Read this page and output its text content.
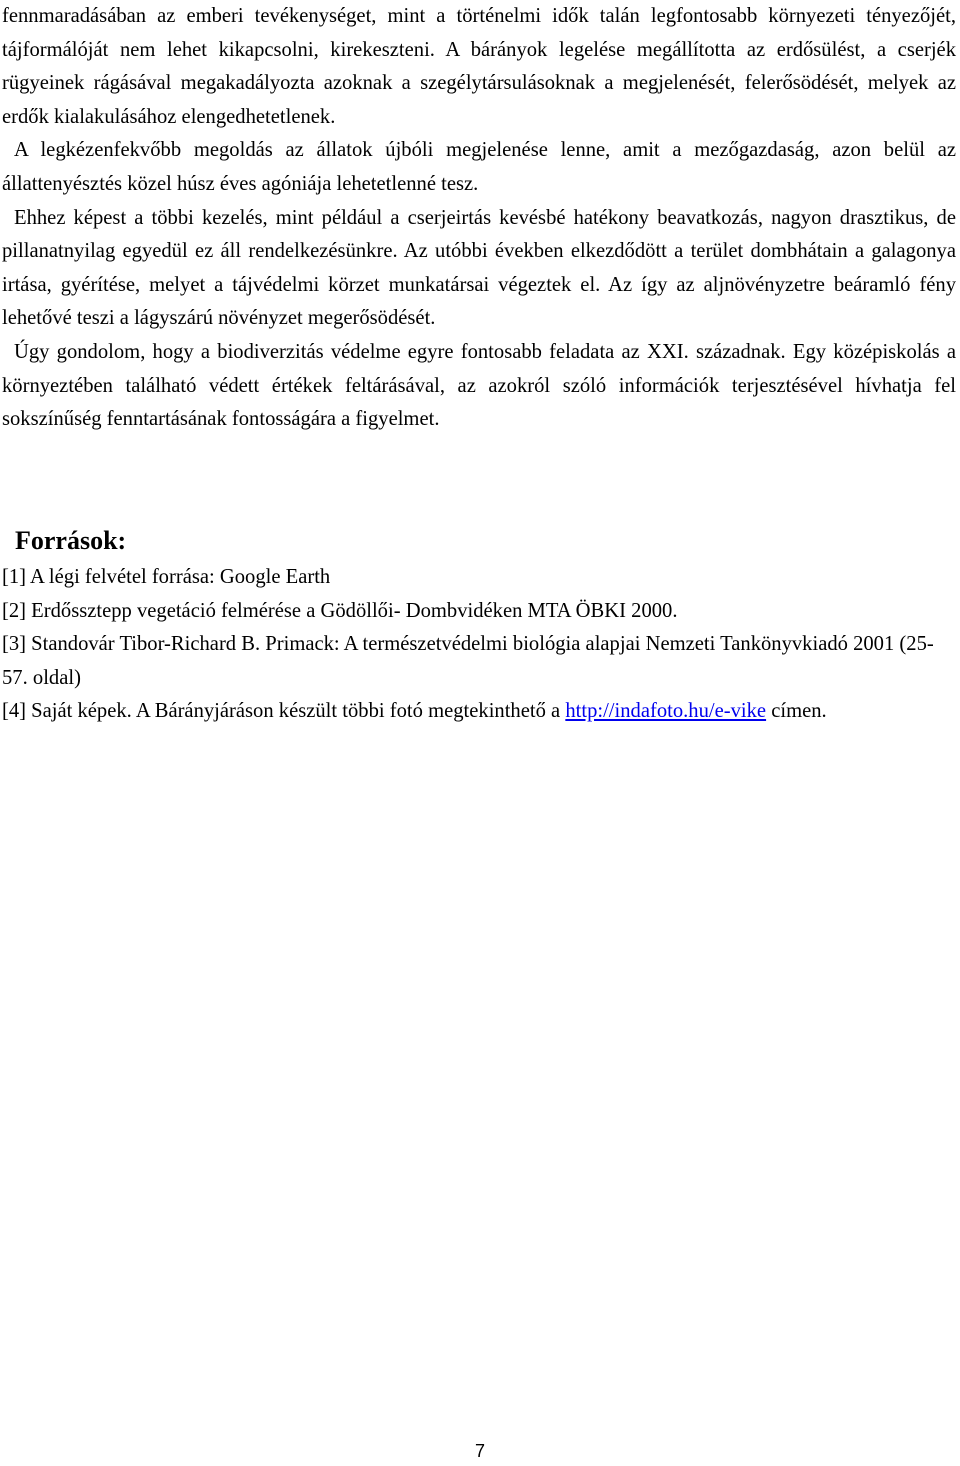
fennmaradásában az emberi tevékenységet, mint a történelmi idők talán legfontosabb környezeti tényezőjét, tájformálóját nem lehet kikapcsolni, kirekeszteni. A bárányok legelése megállította az erdősülést, a cserjék rügyeinek rágásával megakadályozta azoknak a szegélytársulásoknak a megjelenését, felerősödését, melyek az erdők kialakulásához elengedhetetlenek.

A legkézenfekvőbb megoldás az állatok újbóli megjelenése lenne, amit a mezőgazdaság, azon belül az állattenyésztés közel húsz éves agóniája lehetetlenné tesz.

Ehhez képest a többi kezelés, mint például a cserjeirtás kevésbé hatékony beavatkozás, nagyon drasztikus, de pillanatnyilag egyedül ez áll rendelkezésünkre. Az utóbbi években elkezdődött a terület dombhátain a galagonya irtása, gyérítése, melyet a tájvédelmi körzet munkatársai végeztek el. Az így az aljnövényzetre beáramló fény lehetővé teszi a lágyszárú növényzet megerősödését.

Úgy gondolom, hogy a biodiverzitás védelme egyre fontosabb feladata az XXI. századnak. Egy középiskolás a környeztében található védett értékek feltárásával, az azokról szóló információk terjesztésével hívhatja fel sokszínűség fenntartásának fontosságára a figyelmet.

Források:
[1] A légi felvétel forrása: Google Earth
[2] Erdőssztepp vegetáció felmérése a Gödöllői- Dombvidéken MTA ÖBKI 2000.
[3] Standovár Tibor-Richard B. Primack: A természetvédelmi biológia alapjai Nemzeti Tankönyvkiadó 2001 (25-57. oldal)
[4] Saját képek. A Bárányjáráson készült többi fotó megtekinthető a http://indafoto.hu/e-vike címen.
7
